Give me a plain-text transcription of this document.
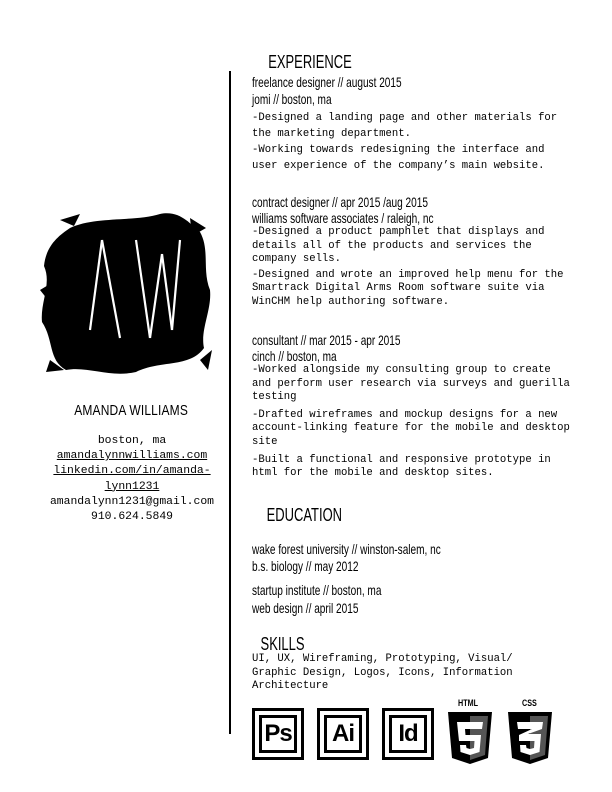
AMANDA WILLIAMS
boston, ma
amandalynnwilliams.com
linkedin.com/in/amanda-
lynn1231
amandalynn1231@gmail.com
910.624.5849
EXPERIENCE
freelance designer // august 2015
jomi // boston, ma

-Designed a landing page and other materials for the marketing department.

-Working towards redesigning the interface and user experience of the company’s main website.

contract designer // apr 2015 /aug 2015
williams software associates / raleigh, nc

-Designed a product pamphlet that displays and details all of the products and services the company sells.

-Designed and wrote an improved help menu for the Smartrack Digital Arms Room software suite via WinCHM help authoring software.

consultant // mar 2015 - apr 2015
cinch // boston, ma

-Worked alongside my consulting group to create and perform user research via surveys and guerilla testing

-Drafted wireframes and mockup designs for a new account-linking feature for the mobile and desktop site

-Built a functional and responsive prototype in html for the mobile and desktop sites.

EDUCATION
wake forest university // winston-salem, nc
b.s. biology // may 2012
startup institute // boston, ma
web design // april 2015
SKILLS
UI, UX, Wireframing, Prototyping, Visual/ Graphic Design, Logos, Icons, Information Architecture
Ps	Ai	Id
HTML	CSS
